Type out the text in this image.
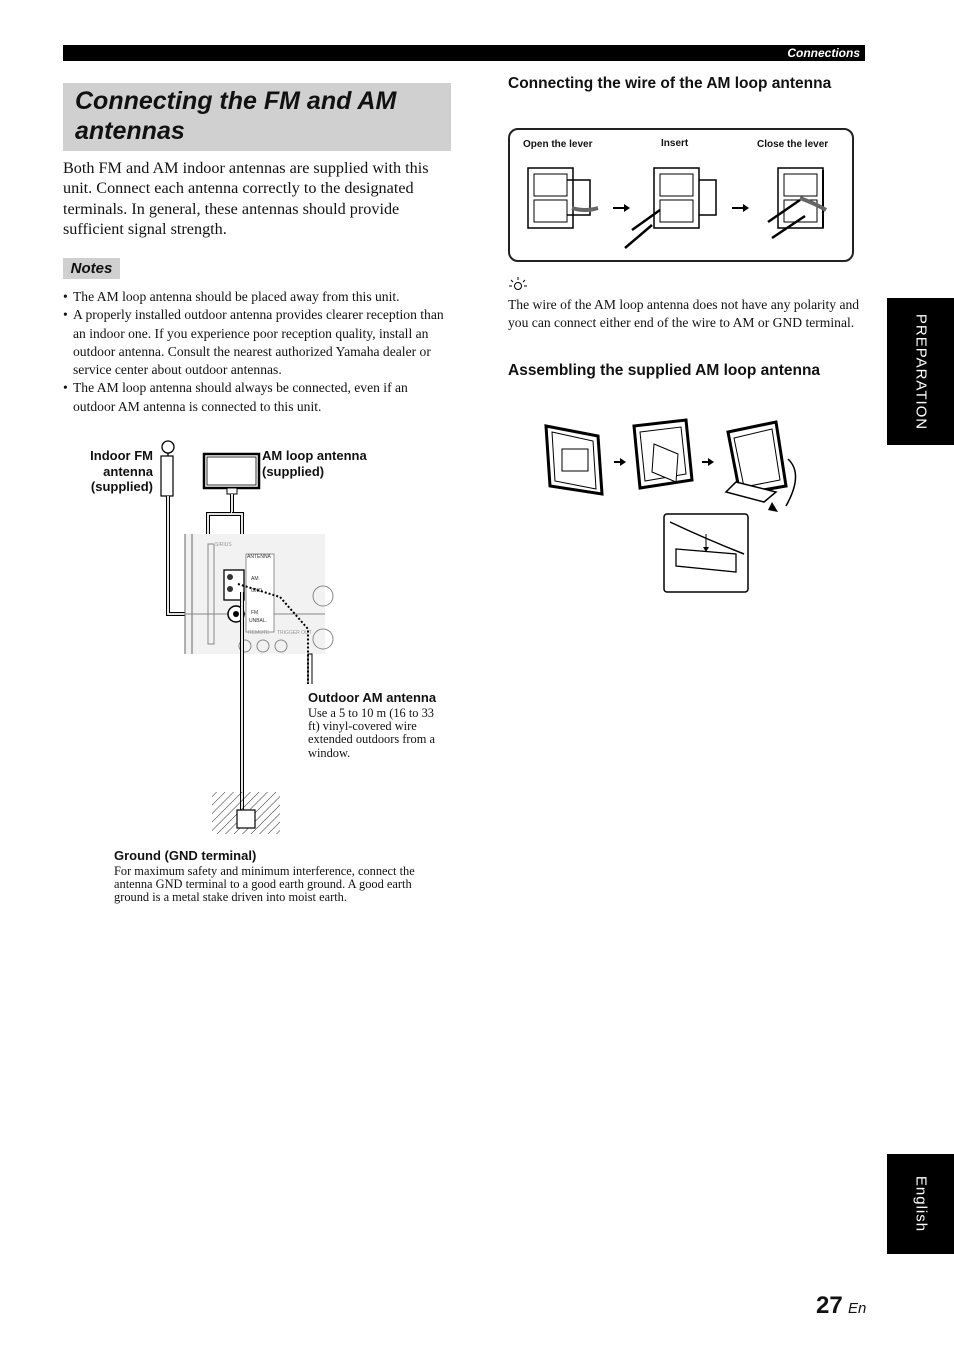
Connections
Connecting the FM and AM antennas

Both FM and AM indoor antennas are supplied with this unit. Connect each antenna correctly to the designated terminals. In general, these antennas should provide sufficient signal strength.

Notes
• The AM loop antenna should be placed away from this unit.
• A properly installed outdoor antenna provides clearer reception than an indoor one. If you experience poor reception quality, install an outdoor antenna. Consult the nearest authorized Yamaha dealer or service center about outdoor antennas.
• The AM loop antenna should always be connected, even if an outdoor AM antenna is connected to this unit.
SIRIUS
ANTENNA
AM
GND
FM
UNBAL.
REMOTE TRIGGER OUT
Indoor FM antenna (supplied)
AM loop antenna (supplied)
Outdoor AM antenna
Use a 5 to 10 m (16 to 33 ft) vinyl-covered wire extended outdoors from a window.
Ground (GND terminal)
For maximum safety and minimum interference, connect the antenna GND terminal to a good earth ground. A good earth ground is a metal stake driven into moist earth.
Connecting the wire of the AM loop antenna
Open the lever	Insert	Close the lever

The wire of the AM loop antenna does not have any polarity and you can connect either end of the wire to AM or GND terminal.

Assembling the supplied AM loop antenna	PREPARATION
English
27 En
